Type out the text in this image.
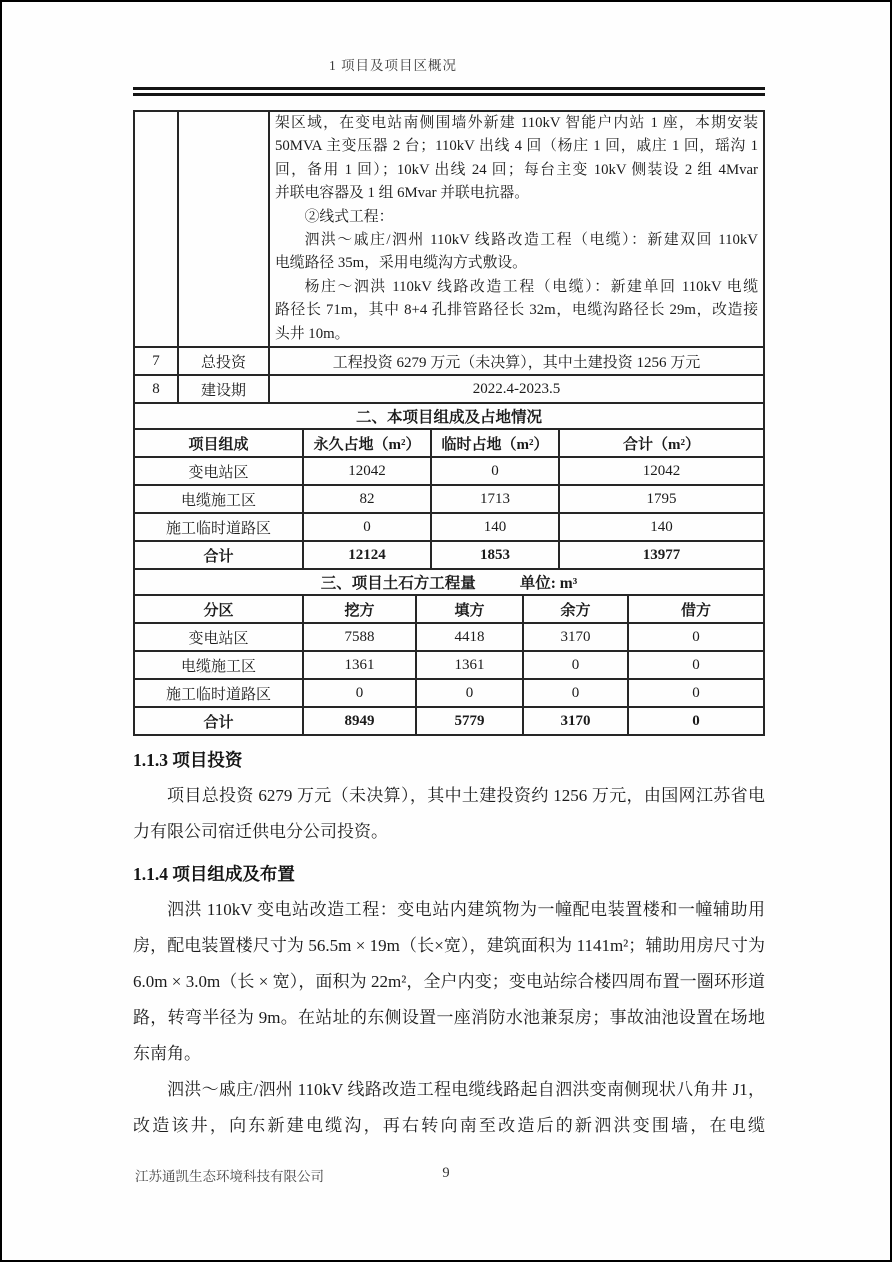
1 项目及项目区概况

架区域，在变电站南侧围墙外新建 110kV 智能户内站 1 座，本期安装
50MVA 主变压器 2 台；110kV 出线 4 回（杨庄 1 回，戚庄 1 回，瑶沟 1
回，备用 1 回）；10kV 出线 24 回；每台主变 10kV 侧装设 2 组 4Mvar
并联电容器及 1 组 6Mvar 并联电抗器。
②线式工程：
泗洪～戚庄/泗州 110kV 线路改造工程（电缆）：新建双回 110kV
电缆路径 35m，采用电缆沟方式敷设。
杨庄～泗洪 110kV 线路改造工程（电缆）：新建单回 110kV 电缆
路径长 71m，其中 8+4 孔排管路径长 32m，电缆沟路径长 29m，改造接
头井 10m。

7	总投资	工程投资 6279 万元（未决算），其中土建投资 1256 万元
8	建设期	2022.4-2023.5
二、本项目组成及占地情况			
项目组成	永久占地（m²）	临时占地（m²）	合计（m²）
变电站区	12042	0	12042
电缆施工区	82	1713	1795
施工临时道路区	0	140	140
合计	12124	1853	13977
三、项目土石方工程量 单位: m³				
分区	挖方	填方	余方	借方
变电站区	7588	4418	3170	0
电缆施工区	1361	1361	0	0
施工临时道路区	0	0	0	0
合计	8949	5779	3170	0
1.1.3 项目投资

项目总投资 6279 万元（未决算），其中土建投资约 1256 万元，由国网江苏省电力有限公司宿迁供电分公司投资。

1.1.4 项目组成及布置

泗洪 110kV 变电站改造工程：变电站内建筑物为一幢配电装置楼和一幢辅助用房，配电装置楼尺寸为 56.5m × 19m（长×宽），建筑面积为 1141m²；辅助用房尺寸为 6.0m × 3.0m（长 × 宽），面积为 22m²，全户内变；变电站综合楼四周布置一圈环形道路，转弯半径为 9m。在站址的东侧设置一座消防水池兼泵房；事故油池设置在场地东南角。

泗洪～戚庄/泗州 110kV 线路改造工程电缆线路起自泗洪变南侧现状八角井 J1，改造该井，向东新建电缆沟，再右转向南至改造后的新泗洪变围墙，在电缆

江苏通凯生态环境科技有限公司	9
